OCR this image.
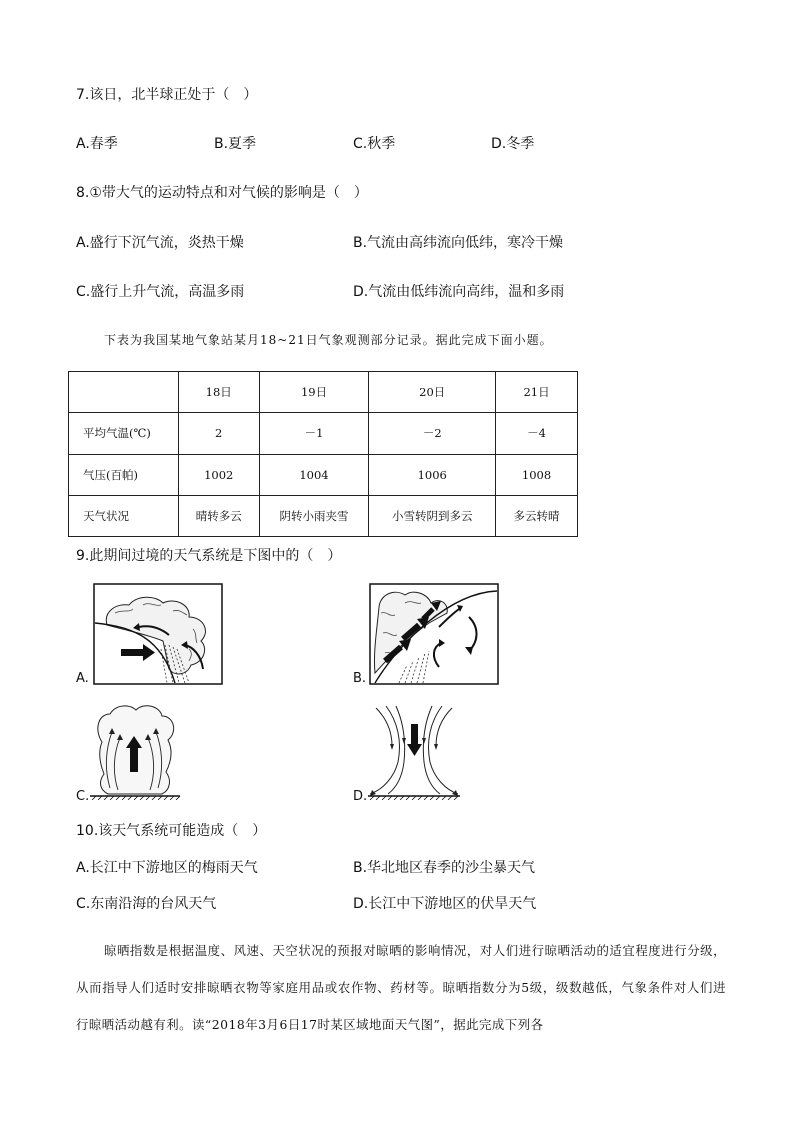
7.该日，北半球正处于（　）
A.春季	B.夏季	C.秋季	D.冬季
8.①带大气的运动特点和对气候的影响是（　）
A.盛行下沉气流，炎热干燥	B.气流由高纬流向低纬，寒冷干燥
C.盛行上升气流，高温多雨	D.气流由低纬流向高纬，温和多雨
下表为我国某地气象站某月18~21日气象观测部分记录。据此完成下面小题。
	18日	19日	20日	21日
平均气温(℃)	2	－1	－2	－4
气压(百帕)	1002	1004	1006	1008
天气状况	晴转多云	阴转小雨夹雪	小雪转阴到多云	多云转晴
9.此期间过境的天气系统是下图中的（　）
A.	B.
C.	D.
10.该天气系统可能造成（　）
A.长江中下游地区的梅雨天气	B.华北地区春季的沙尘暴天气
C.东南沿海的台风天气	D.长江中下游地区的伏旱天气
晾晒指数是根据温度、风速、天空状况的预报对晾晒的影响情况，对人们进行晾晒活动的适宜程度进行分级，从而指导人们适时安排晾晒衣物等家庭用品或农作物、药材等。晾晒指数分为5级，级数越低，气象条件对人们进行晾晒活动越有利。读“2018年3月6日17时某区域地面天气图”，据此完成下列各
